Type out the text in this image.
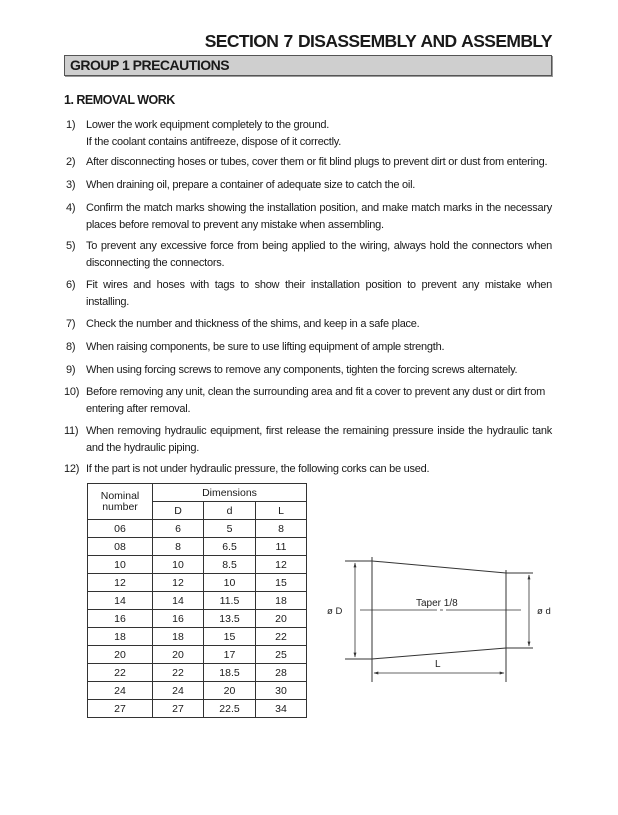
SECTION 7 DISASSEMBLY AND ASSEMBLY
GROUP 1 PRECAUTIONS
1. REMOVAL WORK
1) Lower the work equipment completely to the ground.
If the coolant contains antifreeze, dispose of it correctly.
2) After disconnecting hoses or tubes, cover them or fit blind plugs to prevent dirt or dust from entering.
3) When draining oil, prepare a container of adequate size to catch the oil.
4) Confirm the match marks showing the installation position, and make match marks in the necessary places before removal to prevent any mistake when assembling.
5) To prevent any excessive force from being applied to the wiring, always hold the connectors when disconnecting the connectors.
6) Fit wires and hoses with tags to show their installation position to prevent any mistake when installing.
7) Check the number and thickness of the shims, and keep in a safe place.
8) When raising components, be sure to use lifting equipment of ample strength.
9) When using forcing screws to remove any components, tighten the forcing screws alternately.
10) Before removing any unit, clean the surrounding area and fit a cover to prevent any dust or dirt from entering after removal.
11) When removing hydraulic equipment, first release the remaining pressure inside the hydraulic tank and the hydraulic piping.
12) If the part is not under hydraulic pressure, the following corks can be used.
Nominal number	Dimensions		
	D	d	L
06	6	5	8
08	8	6.5	11
10	10	8.5	12
12	12	10	15
14	14	11.5	18
16	16	13.5	20
18	18	15	22
20	20	17	25
22	22	18.5	28
24	24	20	30
27	27	22.5	34
ø D	ø d
Taper 1/8
L
